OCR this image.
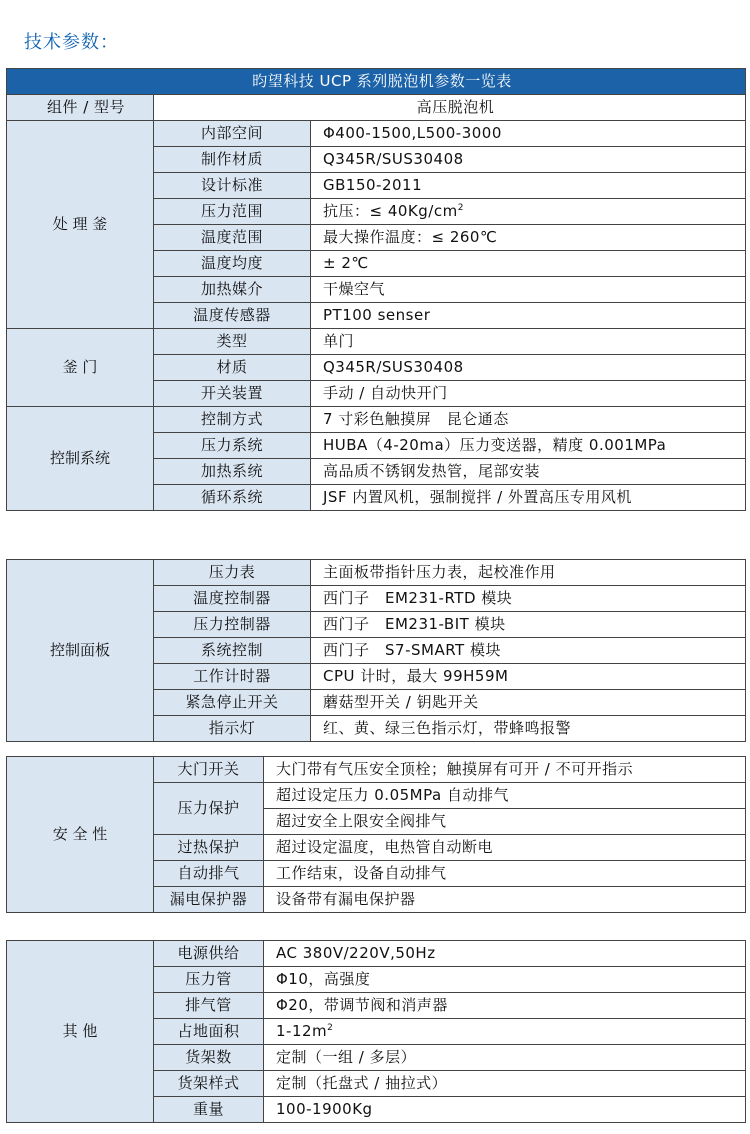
技术参数：
昀望科技 UCP 系列脱泡机参数一览表		
组件 / 型号	高压脱泡机	
处 理 釜	内部空间	Φ400-1500,L500-3000
	制作材质	Q345R/SUS30408
	设计标准	GB150-2011
	压力范围	抗压：≤ $40Kg/cm^2$
	温度范围	最大操作温度：≤ 260℃
	温度均度	± 2℃
	加热媒介	干燥空气
	温度传感器	PT100 senser
釜 门	类型	单门
	材质	Q345R/SUS30408
	开关装置	手动 / 自动快开门
控制系统	控制方式	7 寸彩色触摸屏　昆仑通态
	压力系统	HUBA（4-20ma）压力变送器，精度 0.001MPa
	加热系统	高品质不锈钢发热管，尾部安装
	循环系统	JSF 内置风机，强制搅拌 / 外置高压专用风机
控制面板	压力表	主面板带指针压力表，起校准作用
	温度控制器	西门子　EM231-RTD 模块
	压力控制器	西门子　EM231-BIT 模块
	系统控制	西门子　S7-SMART 模块
	工作计时器	CPU 计时，最大 99H59M
	紧急停止开关	蘑菇型开关 / 钥匙开关
	指示灯	红、黄、绿三色指示灯，带蜂鸣报警
安 全 性	大门开关	大门带有气压安全顶栓；触摸屏有可开 / 不可开指示
	压力保护	超过设定压力 0.05MPa 自动排气
		超过安全上限安全阀排气
	过热保护	超过设定温度，电热管自动断电
	自动排气	工作结束，设备自动排气
	漏电保护器	设备带有漏电保护器
其 他	电源供给	AC 380V/220V,50Hz
	压力管	Φ10，高强度
	排气管	Φ20，带调节阀和消声器
	占地面积	$1-12m^2$
	货架数	定制（一组 / 多层）
	货架样式	定制（托盘式 / 抽拉式）
	重量	100-1900Kg
